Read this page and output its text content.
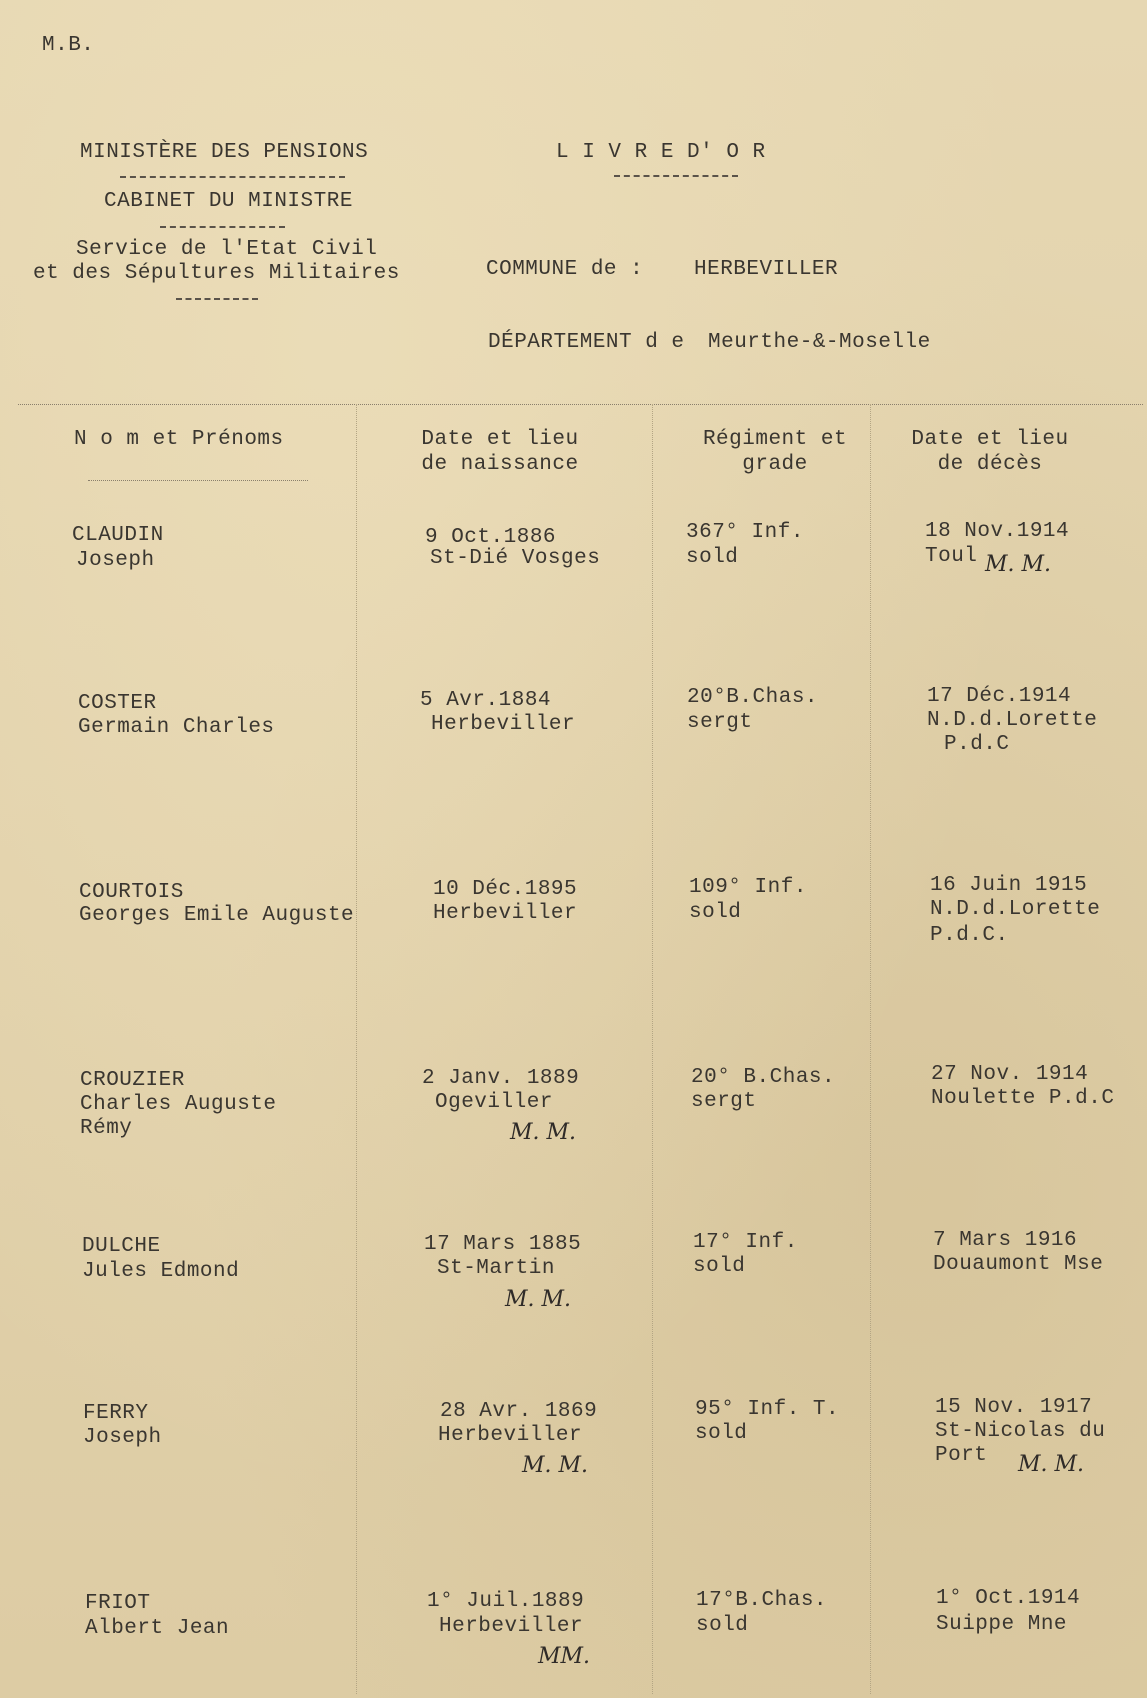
M.B.
MINISTÈRE DES PENSIONS
CABINET DU MINISTRE
Service de l'Etat Civil
et des Sépultures Militaires
L I V R E D' O R
COMMUNE de : HERBEVILLER
DÉPARTEMENT d e Meurthe-&-Moselle
N o m et Prénoms	Date et lieu
de naissance
Régiment et
grade
Date et lieu
de décès
CLAUDIN
Joseph
9 Oct.1886
St-Dié Vosges
367° Inf.
sold
18 Nov.1914
Toul M. M.
COSTER
Germain Charles
5 Avr.1884
Herbeviller
20°B.Chas.
sergt
17 Déc.1914
N.D.d.Lorette
P.d.C
COURTOIS
Georges Emile Auguste
10 Déc.1895
Herbeviller
109° Inf.
sold
16 Juin 1915
N.D.d.Lorette
P.d.C.
CROUZIER
Charles Auguste
Rémy
2 Janv. 1889
Ogeviller
M. M.
20° B.Chas.
sergt
27 Nov. 1914
Noulette P.d.C
DULCHE
Jules Edmond
17 Mars 1885
St-Martin
M. M.
17° Inf.
sold
7 Mars 1916
Douaumont Mse
FERRY
Joseph
28 Avr. 1869
Herbeviller
M. M.
95° Inf. T.
sold
15 Nov. 1917
St-Nicolas du
Port M. M.
FRIOT
Albert Jean
1° Juil.1889
Herbeviller
MM.
17°B.Chas.
sold
1° Oct.1914
Suippe Mne
